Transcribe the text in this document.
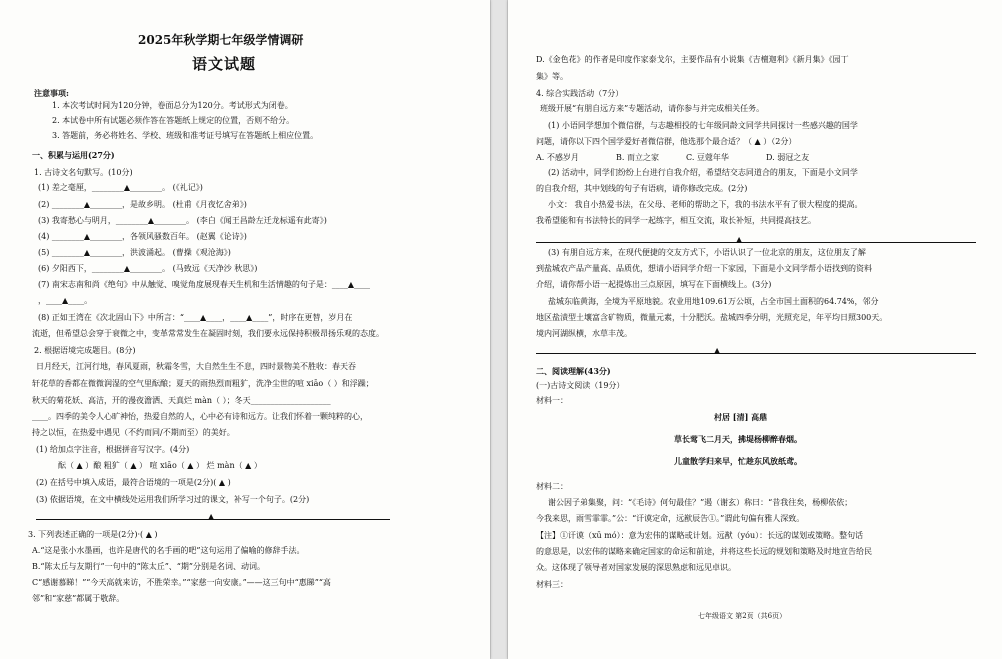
2025年秋学期七年级学情调研
语文试题
注意事项:
1. 本次考试时间为120分钟，卷面总分为120分。考试形式为闭卷。
2. 本试卷中所有试题必须作答在答题纸上规定的位置，否则不给分。
3. 答题前，务必将姓名、学校、班级和准考证号填写在答题纸上相应位置。
一、积累与运用(27分)
1. 古诗文名句默写。(10分)
(1) 差之毫厘，________▲________。 (《礼记》)
(2) ________▲________，是故乡明。 (杜甫《月夜忆舍弟》)
(3) 我寄愁心与明月，________▲________。 (李白《闻王昌龄左迁龙标遥有此寄》)
(4) ________▲________，各领风骚数百年。 (赵翼《论诗》)
(5) ________▲________，洪波涌起。 (曹操《观沧海》)
(6) 夕阳西下，________▲________。 (马致远《天净沙 秋思》)
(7) 南宋志南和尚《绝句》中从触觉、嗅觉角度展现春天生机和生活情趣的句子是：____▲____
，____▲____。
(8) 正如王湾在《次北固山下》中所言：“____▲____，____▲____”，时序在更替，岁月在
流逝，但希望总会穿于衰微之中，变革常常发生在凝固时刻，我们要永远保持积极昂扬乐观的态度。
2. 根据语境完成题目。(8分)
日月经天，江河行地，春风夏雨，秋霜冬雪，大自然生生不息，四时景物美不胜收：春天吞
轩花草的香都在微微润湿的空气里酝酿；夏天的雨热烈而粗犷，洗净尘世的喧 xiāo（ ）和浮躁；
秋天的菊花妖、高洁，开的漫夜澹洒、天真烂 màn（ ）；冬天____________________
____。四季的美令人心旷神怡，热爱自然的人，心中必有诗和远方。让我们怀着一颗纯粹的心，
持之以恒，在热爱中遇见（不约而同/不期而至）的美好。
(1) 给加点字注音，根据拼音写汉字。(4分)
酝（ ▲ ）酿 粗犷（ ▲ ） 喧 xiāo（ ▲ ） 烂 màn（ ▲ ）
(2) 在括号中填入成语，最符合语境的一项是(2分)( ▲ )
(3) 依据语境，在文中横线处运用我们所学习过的课文，补写一个句子。(2分)
▲
3. 下列表述正确的一项是(2分)·( ▲ )
A.“这是张小水墨画，也许是唐代的名手画的吧”这句运用了偏喻的修辞手法。
B.“陈太丘与友期行”一句中的“陈太丘”、“期”分别是名词、动词。
C“感谢慕睇！”“今天高就来访，不胜荣幸。”“家慈一向安康。”——这三句中“惠睇”“高
邻”和“家慈”都属于敬辞。
D.《金色花》的作者是印度作家泰戈尔，主要作品有小说集《吉檀迦利》《新月集》《园丁
集》等。
4. 综合实践活动（7分）
班级开展“有朋自远方来”专题活动，请你参与并完成相关任务。
(1) 小语同学想加个微信群，与志趣相投的七年级同龄文同学共同探讨一些感兴趣的国学
问题，请你以下四个国学爱好者微信群，他选那个最合适？（ ▲ ）（2分）
A. 不感岁月	B. 而立之家	C. 豆蔻年华	D. 弱冠之友
(2) 活动中，同学们纷纷上台进行自我介绍，希望结交志同道合的朋友，下面是小文同学
的自我介绍，其中划线的句子有语病，请你修改完成。(2分)
小文： 我自小热爱书法，在父母、老师的帮助之下，我的书法水平有了很大程度的提高。
我希望能和有书法特长的同学一起练字，相互交流，取长补短，共同提高技艺。
▲
(3) 有朋自远方来，在现代便捷的交友方式下，小语认识了一位北京的朋友，这位朋友了解
到盐城农产品产量高、品质优，想请小语同学介绍一下家园，下面是小文同学帮小语找到的资料
介绍，请你帮小语一起提炼出三点原因，填写在下面横线上。(3分)
盐城东临黄海，全境为平原地貌。农业用地109.61万公顷，占全市国土面积的64.74%，邻分
地区盐渍型土壤富含矿物质，微量元素，十分肥沃。盐城四季分明，光照充足，年平均日照300天。
境内河湖纵横，水草丰茂。
▲
二、阅读理解(43分)
(一)古诗文阅读（19分）
材料一：
村居 [清] 高鼎
草长莺飞二月天，拂堤杨柳醉春烟。
儿童散学归来早，忙趁东风放纸鸢。
材料二：
谢公因子弟集聚，问：“《毛诗》何句最佳？”遏（谢玄）称曰：“昔我往矣，杨柳依依；
今我来思，雨雪霏霏。”公：“讦谟定命，远猷辰告①。”谓此句偏有雅人深致。
【注】①讦谟（xū mó）：意为宏伟的谋略或计划。远猷（yóu）：长远的谋划或策略。整句话
的意思是，以宏伟的谋略来确定国家的命运和前途，并将这些长远的规划和策略及时地宣告给民
众。这体现了领导者对国家发展的深思熟虑和远见卓识。
材料三：
七年级语文 第2页（共6页）
